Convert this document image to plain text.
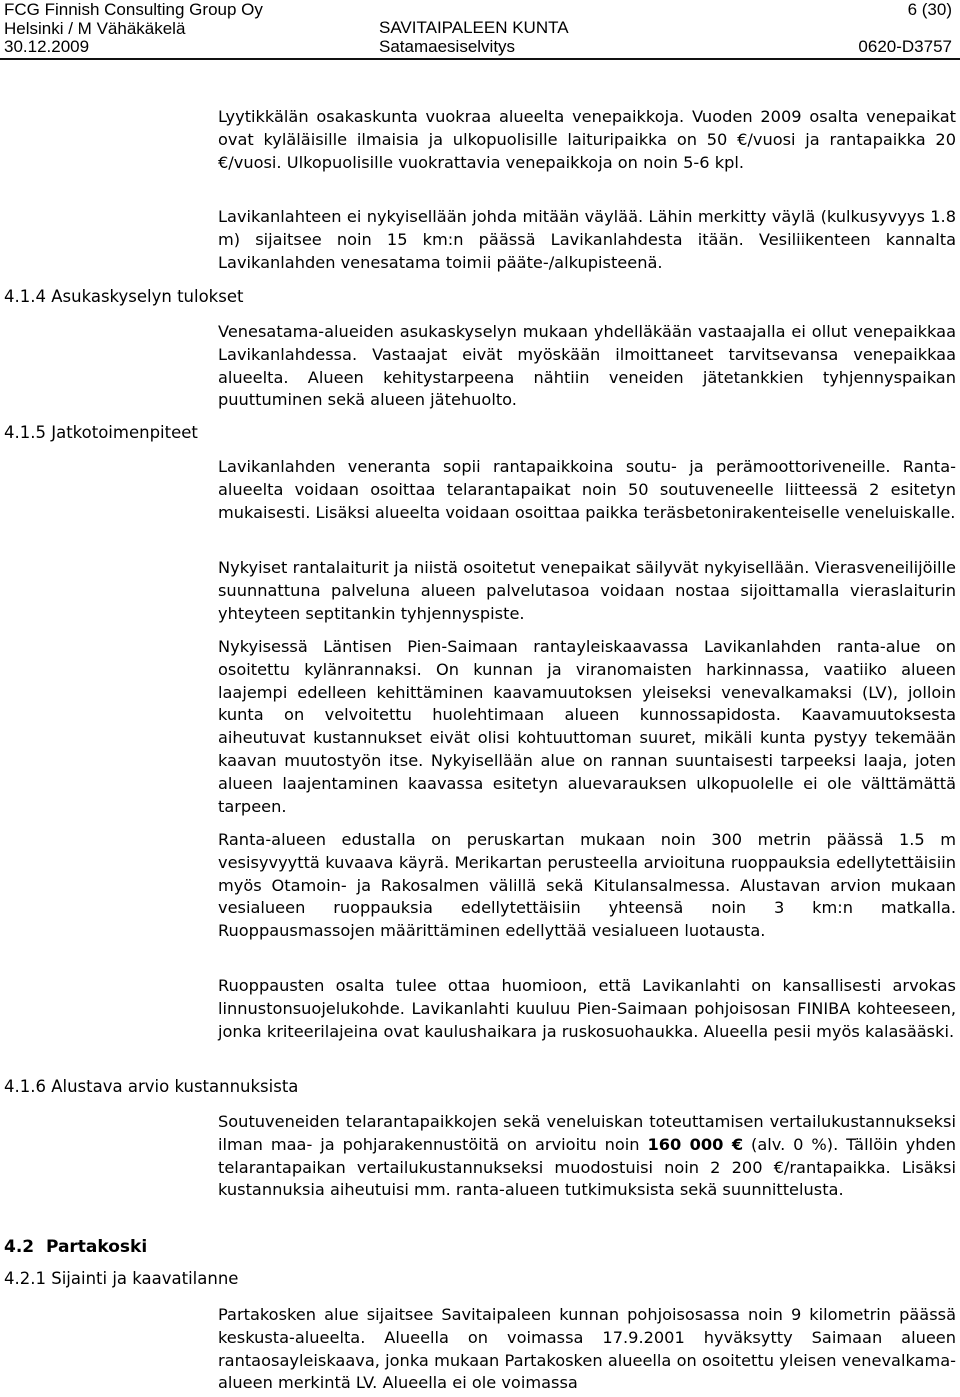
FCG Finnish Consulting Group Oy
Helsinki / M Vähäkäkelä
30.12.2009
SAVITAIPALEEN KUNTA
Satamaesiselvitys
6 (30)

0620-D3757
4.1.4 Asukaskyselyn tulokset
4.1.5 Jatkotoimenpiteet
4.1.6 Alustava arvio kustannuksista
4.2  Partakoski
4.2.1 Sijainti ja kaavatilanne

Lyytikkälän osakaskunta vuokraa alueelta venepaikkoja. Vuoden 2009 osalta venepaikat ovat kyläläisille ilmaisia ja ulkopuolisille laituripaikka on 50 €/vuosi ja rantapaikka 20 €/vuosi. Ulkopuolisille vuokrattavia venepaikkoja on noin 5-6 kpl.

Lavikanlahteen ei nykyisellään johda mitään väylää. Lähin merkitty väylä (kulkusyvyys 1.8 m) sijaitsee noin 15 km:n päässä Lavikanlahdesta itään. Vesiliikenteen kannalta Lavikanlahden venesatama toimii pääte-/alkupisteenä.

Venesatama-alueiden asukaskyselyn mukaan yhdelläkään vastaajalla ei ollut venepaikkaa Lavikanlahdessa. Vastaajat eivät myöskään ilmoittaneet tarvitsevansa venepaikkaa alueelta. Alueen kehitystarpeena nähtiin veneiden jätetankkien tyhjennyspaikan puuttuminen sekä alueen jätehuolto.

Lavikanlahden veneranta sopii rantapaikkoina soutu- ja perämoottoriveneille. Ranta-alueelta voidaan osoittaa telarantapaikat noin 50 soutuveneelle liitteessä 2 esitetyn mukaisesti. Lisäksi alueelta voidaan osoittaa paikka teräsbetonirakenteiselle veneluiskalle.

Nykyiset rantalaiturit ja niistä osoitetut venepaikat säilyvät nykyisellään. Vierasveneilijöille suunnattuna palveluna alueen palvelutasoa voidaan nostaa sijoittamalla vieraslaiturin yhteyteen septitankin tyhjennyspiste.

Nykyisessä Läntisen Pien-Saimaan rantayleiskaavassa Lavikanlahden ranta-alue on osoitettu kylänrannaksi. On kunnan ja viranomaisten harkinnassa, vaatiiko alueen laajempi edelleen kehittäminen kaavamuutoksen yleiseksi venevalkamaksi (LV), jolloin kunta on velvoitettu huolehtimaan alueen kunnossapidosta. Kaavamuutoksesta aiheutuvat kustannukset eivät olisi kohtuuttoman suuret, mikäli kunta pystyy tekemään kaavan muutostyön itse. Nykyisellään alue on rannan suuntaisesti tarpeeksi laaja, joten alueen laajentaminen kaavassa esitetyn aluevarauksen ulkopuolelle ei ole välttämättä tarpeen.

Ranta-alueen edustalla on peruskartan mukaan noin 300 metrin päässä 1.5 m vesisyvyyttä kuvaava käyrä. Merikartan perusteella arvioituna ruoppauksia edellytettäisiin myös Otamoin- ja Rakosalmen välillä sekä Kitulansalmessa. Alustavan arvion mukaan vesialueen ruoppauksia edellytettäisiin yhteensä noin 3 km:n matkalla. Ruoppausmassojen määrittäminen edellyttää vesialueen luotausta.

Ruoppausten osalta tulee ottaa huomioon, että Lavikanlahti on kansallisesti arvokas linnustonsuojelukohde. Lavikanlahti kuuluu Pien-Saimaan pohjoisosan FINIBA kohteeseen, jonka kriteerilajeina ovat kaulushaikara ja ruskosuohaukka. Alueella pesii myös kalasääski.

Soutuveneiden telarantapaikkojen sekä veneluiskan toteuttamisen vertailukustannukseksi ilman maa- ja pohjarakennustöitä on arvioitu noin 160 000 € (alv. 0 %). Tällöin yhden telarantapaikan vertailukustannukseksi muodostuisi noin 2 200 €/rantapaikka. Lisäksi kustannuksia aiheutuisi mm. ranta-alueen tutkimuksista sekä suunnittelusta.

Partakosken alue sijaitsee Savitaipaleen kunnan pohjoisosassa noin 9 kilometrin päässä keskusta-alueelta. Alueella on voimassa 17.9.2001 hyväksytty Saimaan alueen rantaosayleiskaava, jonka mukaan Partakosken alueella on osoitettu yleisen venevalkama-alueen merkintä LV. Alueella ei ole voimassa
